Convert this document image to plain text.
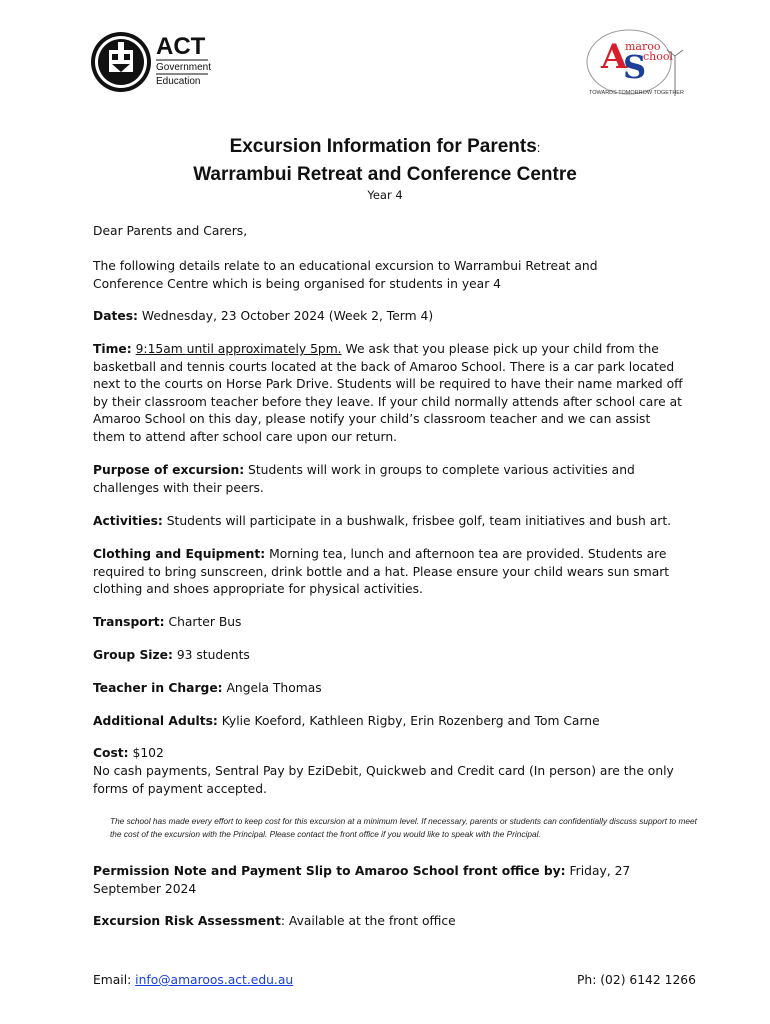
ACT
Government
Education
A
S
maroo
chool
TOWARDS TOMORROW TOGETHER
Excursion Information for Parents:
Warrambui Retreat and Conference Centre
Year 4

Dear Parents and Carers,

The following details relate to an educational excursion to Warrambui Retreat and Conference Centre which is being organised for students in year 4

Dates: Wednesday, 23 October 2024 (Week 2, Term 4)

Time: 9:15am until approximately 5pm. We ask that you please pick up your child from the basketball and tennis courts located at the back of Amaroo School. There is a car park located next to the courts on Horse Park Drive. Students will be required to have their name marked off by their classroom teacher before they leave. If your child normally attends after school care at Amaroo School on this day, please notify your child’s classroom teacher and we can assist them to attend after school care upon our return.

Purpose of excursion: Students will work in groups to complete various activities and challenges with their peers.

Activities: Students will participate in a bushwalk, frisbee golf, team initiatives and bush art.

Clothing and Equipment: Morning tea, lunch and afternoon tea are provided. Students are required to bring sunscreen, drink bottle and a hat. Please ensure your child wears sun smart clothing and shoes appropriate for physical activities.

Transport: Charter Bus

Group Size: 93 students

Teacher in Charge: Angela Thomas

Additional Adults: Kylie Koeford, Kathleen Rigby, Erin Rozenberg and Tom Carne

Cost: $102

No cash payments, Sentral Pay by EziDebit, Quickweb and Credit card (In person) are the only forms of payment accepted.

The school has made every effort to keep cost for this excursion at a minimum level. If necessary, parents or students can confidentially discuss support to meet the cost of the excursion with the Principal. Please contact the front office if you would like to speak with the Principal.

Permission Note and Payment Slip to Amaroo School front office by: Friday, 27 September 2024

Excursion Risk Assessment: Available at the front office

Email: info@amaroos.act.edu.au	Ph: (02) 6142 1266
